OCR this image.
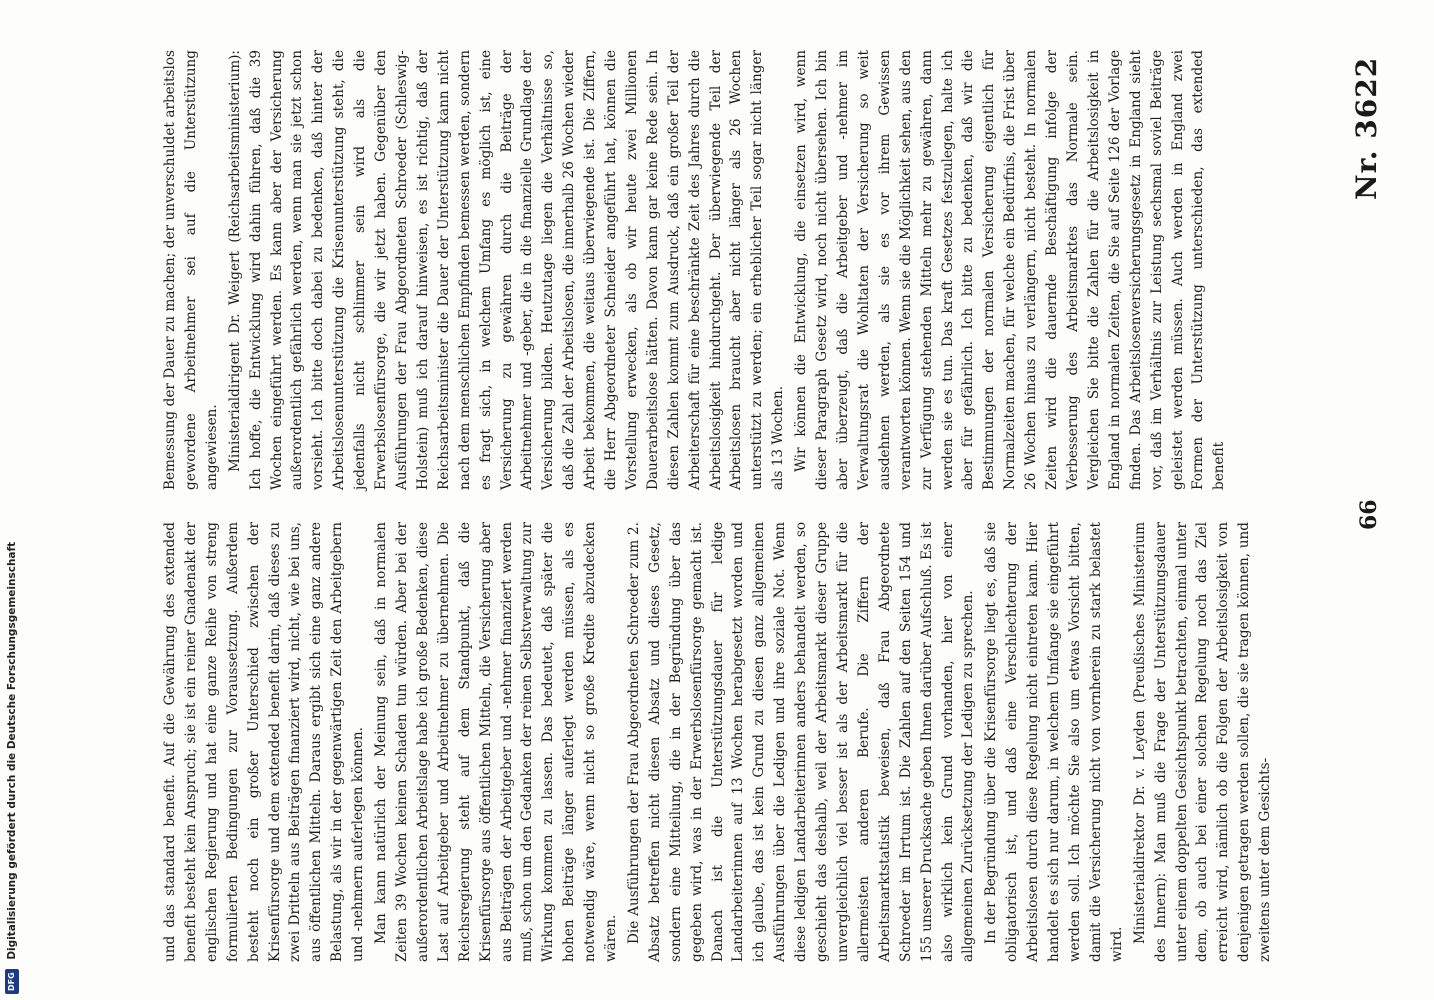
DFG Digitalisierung gefördert durch die Deutsche Forschungsgemeinschaft
66
Nr. 3622

Bemessung der Dauer zu machen; der unverschuldet arbeitslos gewordene Arbeitnehmer sei auf die Unterstützung angewiesen. Ministerialdirigent Dr. Weigert (Reichsarbeitsministerium): Ich hoffe, die Entwicklung wird dahin führen, daß die 39 Wochen eingeführt werden. Es kann aber der Versicherung außerordentlich gefährlich werden, wenn man sie jetzt schon vorsieht. Ich bitte doch dabei zu bedenken, daß hinter der Arbeitslosenunterstützung die Krisenunterstützung steht, die jedenfalls nicht schlimmer sein wird als die Erwerbslosenfürsorge, die wir jetzt haben. Gegenüber den Ausführungen der Frau Abgeordneten Schroeder (Schleswig-Holstein) muß ich darauf hinweisen, es ist richtig, daß der Reichsarbeitsminister die Dauer der Unterstützung kann nicht nach dem menschlichen Empfinden bemessen werden, sondern es fragt sich, in welchem Umfang es möglich ist, eine Versicherung zu gewähren durch die Beiträge der Arbeitnehmer und -geber, die in die finanzielle Grundlage der Versicherung bilden. Heutzutage liegen die Verhältnisse so, daß die Zahl der Arbeitslosen, die innerhalb 26 Wochen wieder Arbeit bekommen, die weitaus überwiegende ist. Die Ziffern, die Herr Abgeordneter Schneider angeführt hat, können die Vorstellung erwecken, als ob wir heute zwei Millionen Dauerarbeitslose hätten. Davon kann gar keine Rede sein. In diesen Zahlen kommt zum Ausdruck, daß ein großer Teil der Arbeiterschaft für eine beschränkte Zeit des Jahres durch die Arbeitslosigkeit hindurchgeht. Der überwiegende Teil der Arbeitslosen braucht aber nicht länger als 26 Wochen unterstützt zu werden; ein erheblicher Teil sogar nicht länger als 13 Wochen. Wir können die Entwicklung, die einsetzen wird, wenn dieser Paragraph Gesetz wird, noch nicht übersehen. Ich bin aber überzeugt, daß die Arbeitgeber und -nehmer im Verwaltungsrat die Wohltaten der Versicherung so weit ausdehnen werden, als sie es vor ihrem Gewissen verantworten können. Wenn sie die Möglichkeit sehen, aus den zur Verfügung stehenden Mitteln mehr zu gewähren, dann werden sie es tun. Das kraft Gesetzes festzulegen, halte ich aber für gefährlich. Ich bitte zu bedenken, daß wir die Bestimmungen der normalen Versicherung eigentlich für Normalzeiten machen, für welche ein Bedürfnis, die Frist über 26 Wochen hinaus zu verlängern, nicht besteht. In normalen Zeiten wird die dauernde Beschäftigung infolge der Verbesserung des Arbeitsmarktes das Normale sein. Vergleichen Sie bitte die Zahlen für die Arbeitslosigkeit in England in normalen Zeiten, die Sie auf Seite 126 der Vorlage finden. Das Arbeitslosenversicherungsgesetz in England sieht vor, daß im Verhältnis zur Leistung sechsmal soviel Beiträge geleistet werden müssen. Auch werden in England zwei Formen der Unterstützung unterschieden, das extended benefit

und das standard benefit. Auf die Gewährung des extended benefit besteht kein Anspruch; sie ist ein reiner Gnadenakt der englischen Regierung und hat eine ganze Reihe von streng formulierten Bedingungen zur Voraussetzung. Außerdem besteht noch ein großer Unterschied zwischen der Krisenfürsorge und dem extended benefit darin, daß dieses zu zwei Dritteln aus Beiträgen finanziert wird, nicht, wie bei uns, aus öffentlichen Mitteln. Daraus ergibt sich eine ganz andere Belastung, als wir in der gegenwärtigen Zeit den Arbeitgebern und -nehmern auferlegen können. Man kann natürlich der Meinung sein, daß in normalen Zeiten 39 Wochen keinen Schaden tun würden. Aber bei der außerordentlichen Arbeitslage habe ich große Bedenken, diese Last auf Arbeitgeber und Arbeitnehmer zu übernehmen. Die Reichsregierung steht auf dem Standpunkt, daß die Krisenfürsorge aus öffentlichen Mitteln, die Versicherung aber aus Beiträgen der Arbeitgeber und -nehmer finanziert werden muß, schon um den Gedanken der reinen Selbstverwaltung zur Wirkung kommen zu lassen. Das bedeutet, daß später die hohen Beiträge länger auferlegt werden müssen, als es notwendig wäre, wenn nicht so große Kredite abzudecken wären. Die Ausführungen der Frau Abgeordneten Schroeder zum 2. Absatz betreffen nicht diesen Absatz und dieses Gesetz, sondern eine Mitteilung, die in der Begründung über das gegeben wird, was in der Erwerbslosenfürsorge gemacht ist. Danach ist die Unterstützungsdauer für ledige Landarbeiterinnen auf 13 Wochen herabgesetzt worden und ich glaube, das ist kein Grund zu diesen ganz allgemeinen Ausführungen über die Ledigen und ihre soziale Not. Wenn diese ledigen Landarbeiterinnen anders behandelt werden, so geschieht das deshalb, weil der Arbeitsmarkt dieser Gruppe unvergleichlich viel besser ist als der Arbeitsmarkt für die allermeisten anderen Berufe. Die Ziffern der Arbeitsmarktstatistik beweisen, daß Frau Abgeordnete Schroeder im Irrtum ist. Die Zahlen auf den Seiten 154 und 155 unserer Drucksache geben Ihnen darüber Aufschluß. Es ist also wirklich kein Grund vorhanden, hier von einer allgemeinen Zurücksetzung der Ledigen zu sprechen. In der Begründung über die Krisenfürsorge liegt es, daß sie obligatorisch ist, und daß eine Verschlechterung der Arbeitslosen durch diese Regelung nicht eintreten kann. Hier handelt es sich nur darum, in welchem Umfange sie eingeführt werden soll. Ich möchte Sie also um etwas Vorsicht bitten, damit die Versicherung nicht von vornherein zu stark belastet wird.

Ministerialdirektor Dr. v. Leyden (Preußisches Ministerium des Innern): Man muß die Frage der Unterstützungsdauer unter einem doppelten Gesichtspunkt betrachten, einmal unter dem, ob auch bei einer solchen Regelung noch das Ziel erreicht wird, nämlich ob die Folgen der Arbeitslosigkeit von denjenigen getragen werden sollen, die sie tragen können, und zweitens unter dem Gesichts-
